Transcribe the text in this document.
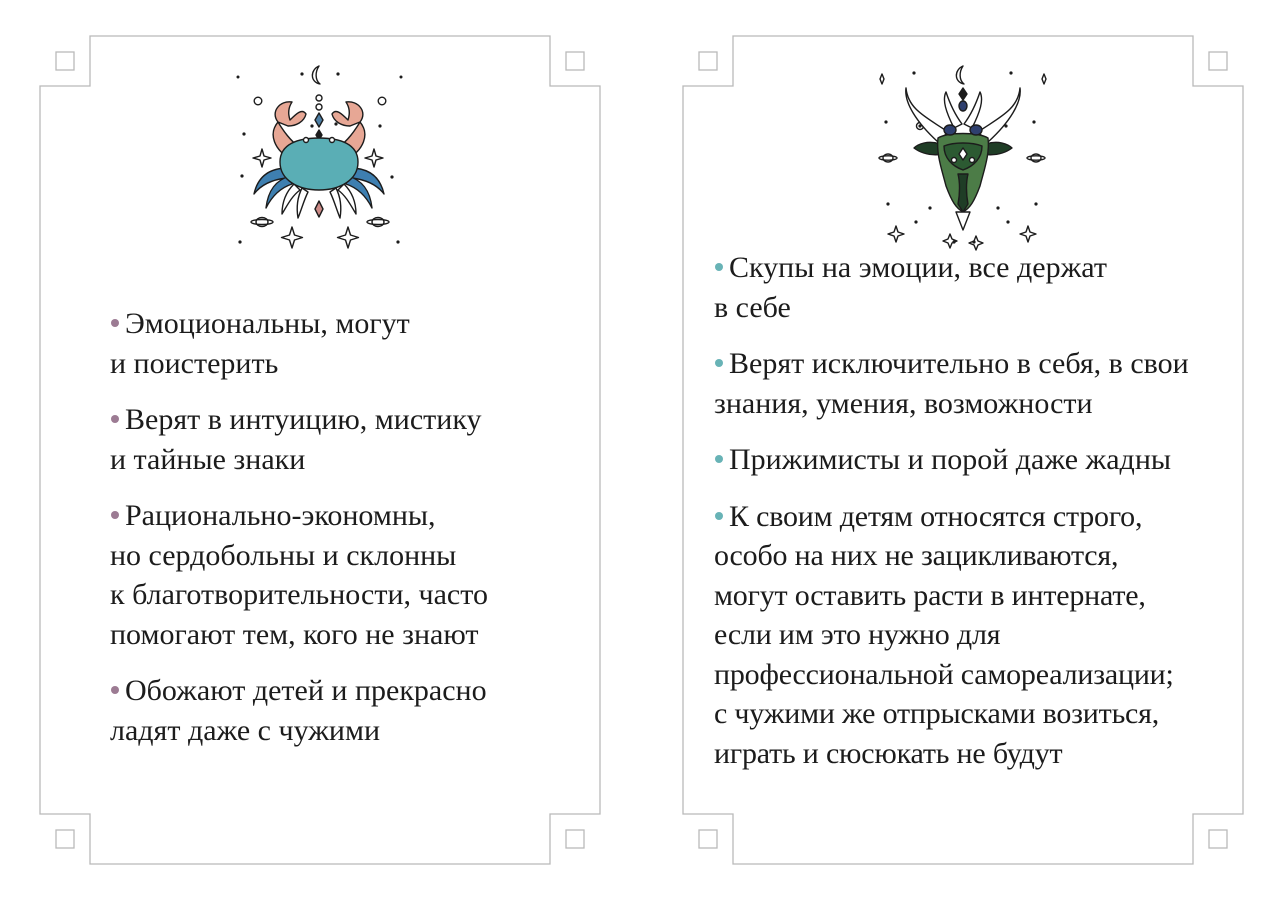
Эмоциональны, могут
и поистерить
Верят в интуицию, мистику
и тайные знаки
Рационально-экономны,
но сердобольны и склонны
к благотворительности, часто
помогают тем, кого не знают
Обожают детей и прекрасно
ладят даже с чужими
Скупы на эмоции, все держат
в себе
Верят исключительно в себя, в свои
знания, умения, возможности
Прижимисты и порой даже жадны
К своим детям относятся строго,
особо на них не зацикливаются,
могут оставить расти в интернате,
если им это нужно для
профессиональной самореализации;
с чужими же отпрысками возиться,
играть и сюсюкать не будут
